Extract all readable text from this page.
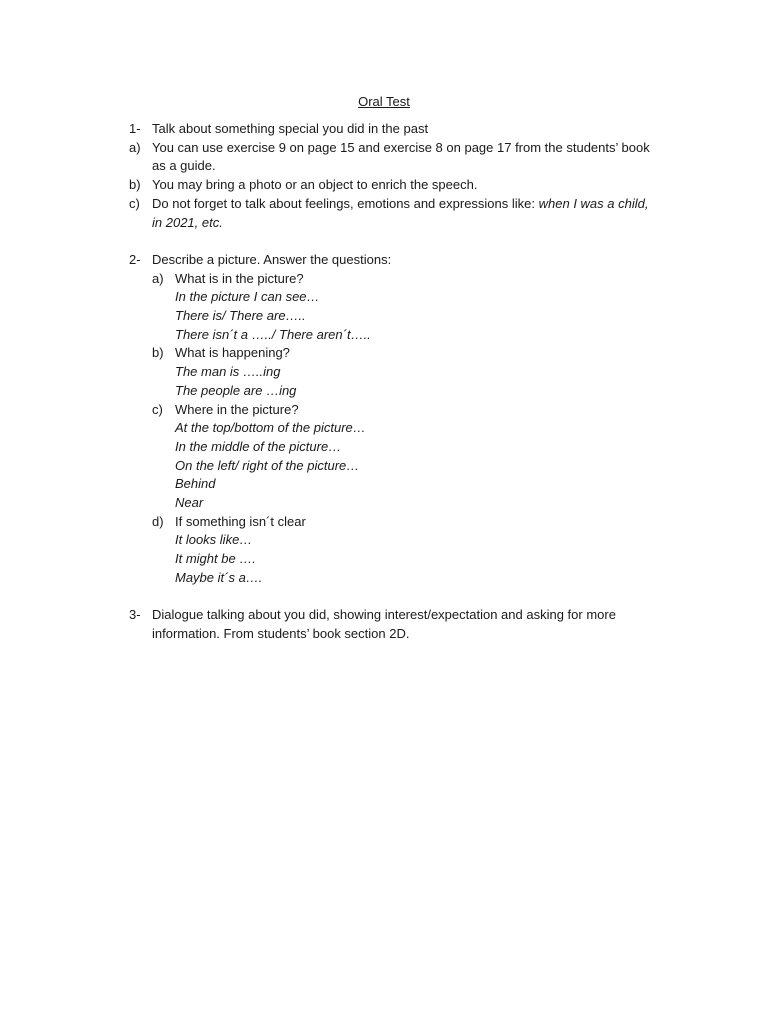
Oral Test
1- Talk about something special you did in the past
a) You can use exercise 9 on page 15 and exercise 8 on page 17 from the students’ book as a guide.
b) You may bring a photo or an object to enrich the speech.
c) Do not forget to talk about feelings, emotions and expressions like: when I was a child, in 2021, etc.
2- Describe a picture. Answer the questions:
a) What is in the picture?
In the picture I can see…
There is/ There are…..
There isn´t a …../ There aren´t…..
b) What is happening?
The man is …..ing
The people are …ing
c) Where in the picture?
At the top/bottom of the picture…
In the middle of the picture…
On the left/ right of the picture…
Behind
Near
d) If something isn´t clear
It looks like…
It might be ….
Maybe it´s a….
3- Dialogue talking about you did, showing interest/expectation and asking for more information. From students’ book section 2D.
